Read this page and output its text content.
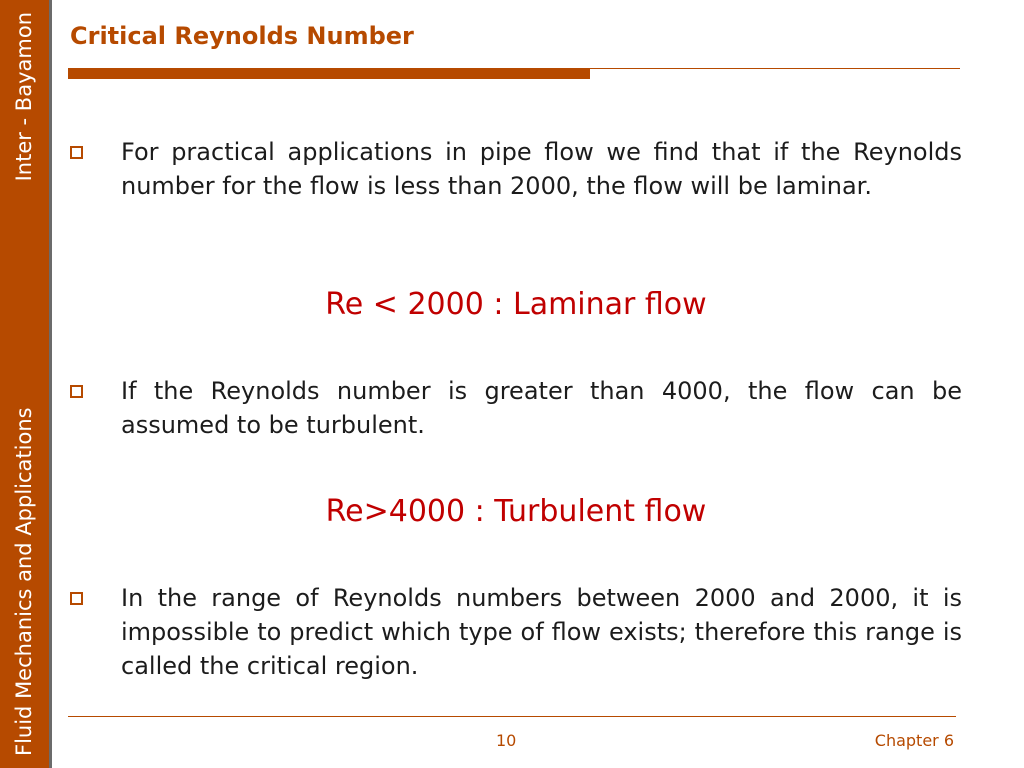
Fluid Mechanics and Applications
Inter - Bayamon Critical Reynolds Number
For practical applications in pipe flow we find that if the Reynolds number for the flow is less than 2000, the flow will be laminar.
Re < 2000 : Laminar flow
If the Reynolds number is greater than 4000, the flow can be assumed to be turbulent.
Re>4000 : Turbulent flow
In the range of Reynolds numbers between 2000 and 2000, it is impossible to predict which type of flow exists; therefore this range is called the critical region.
10	Chapter 6
